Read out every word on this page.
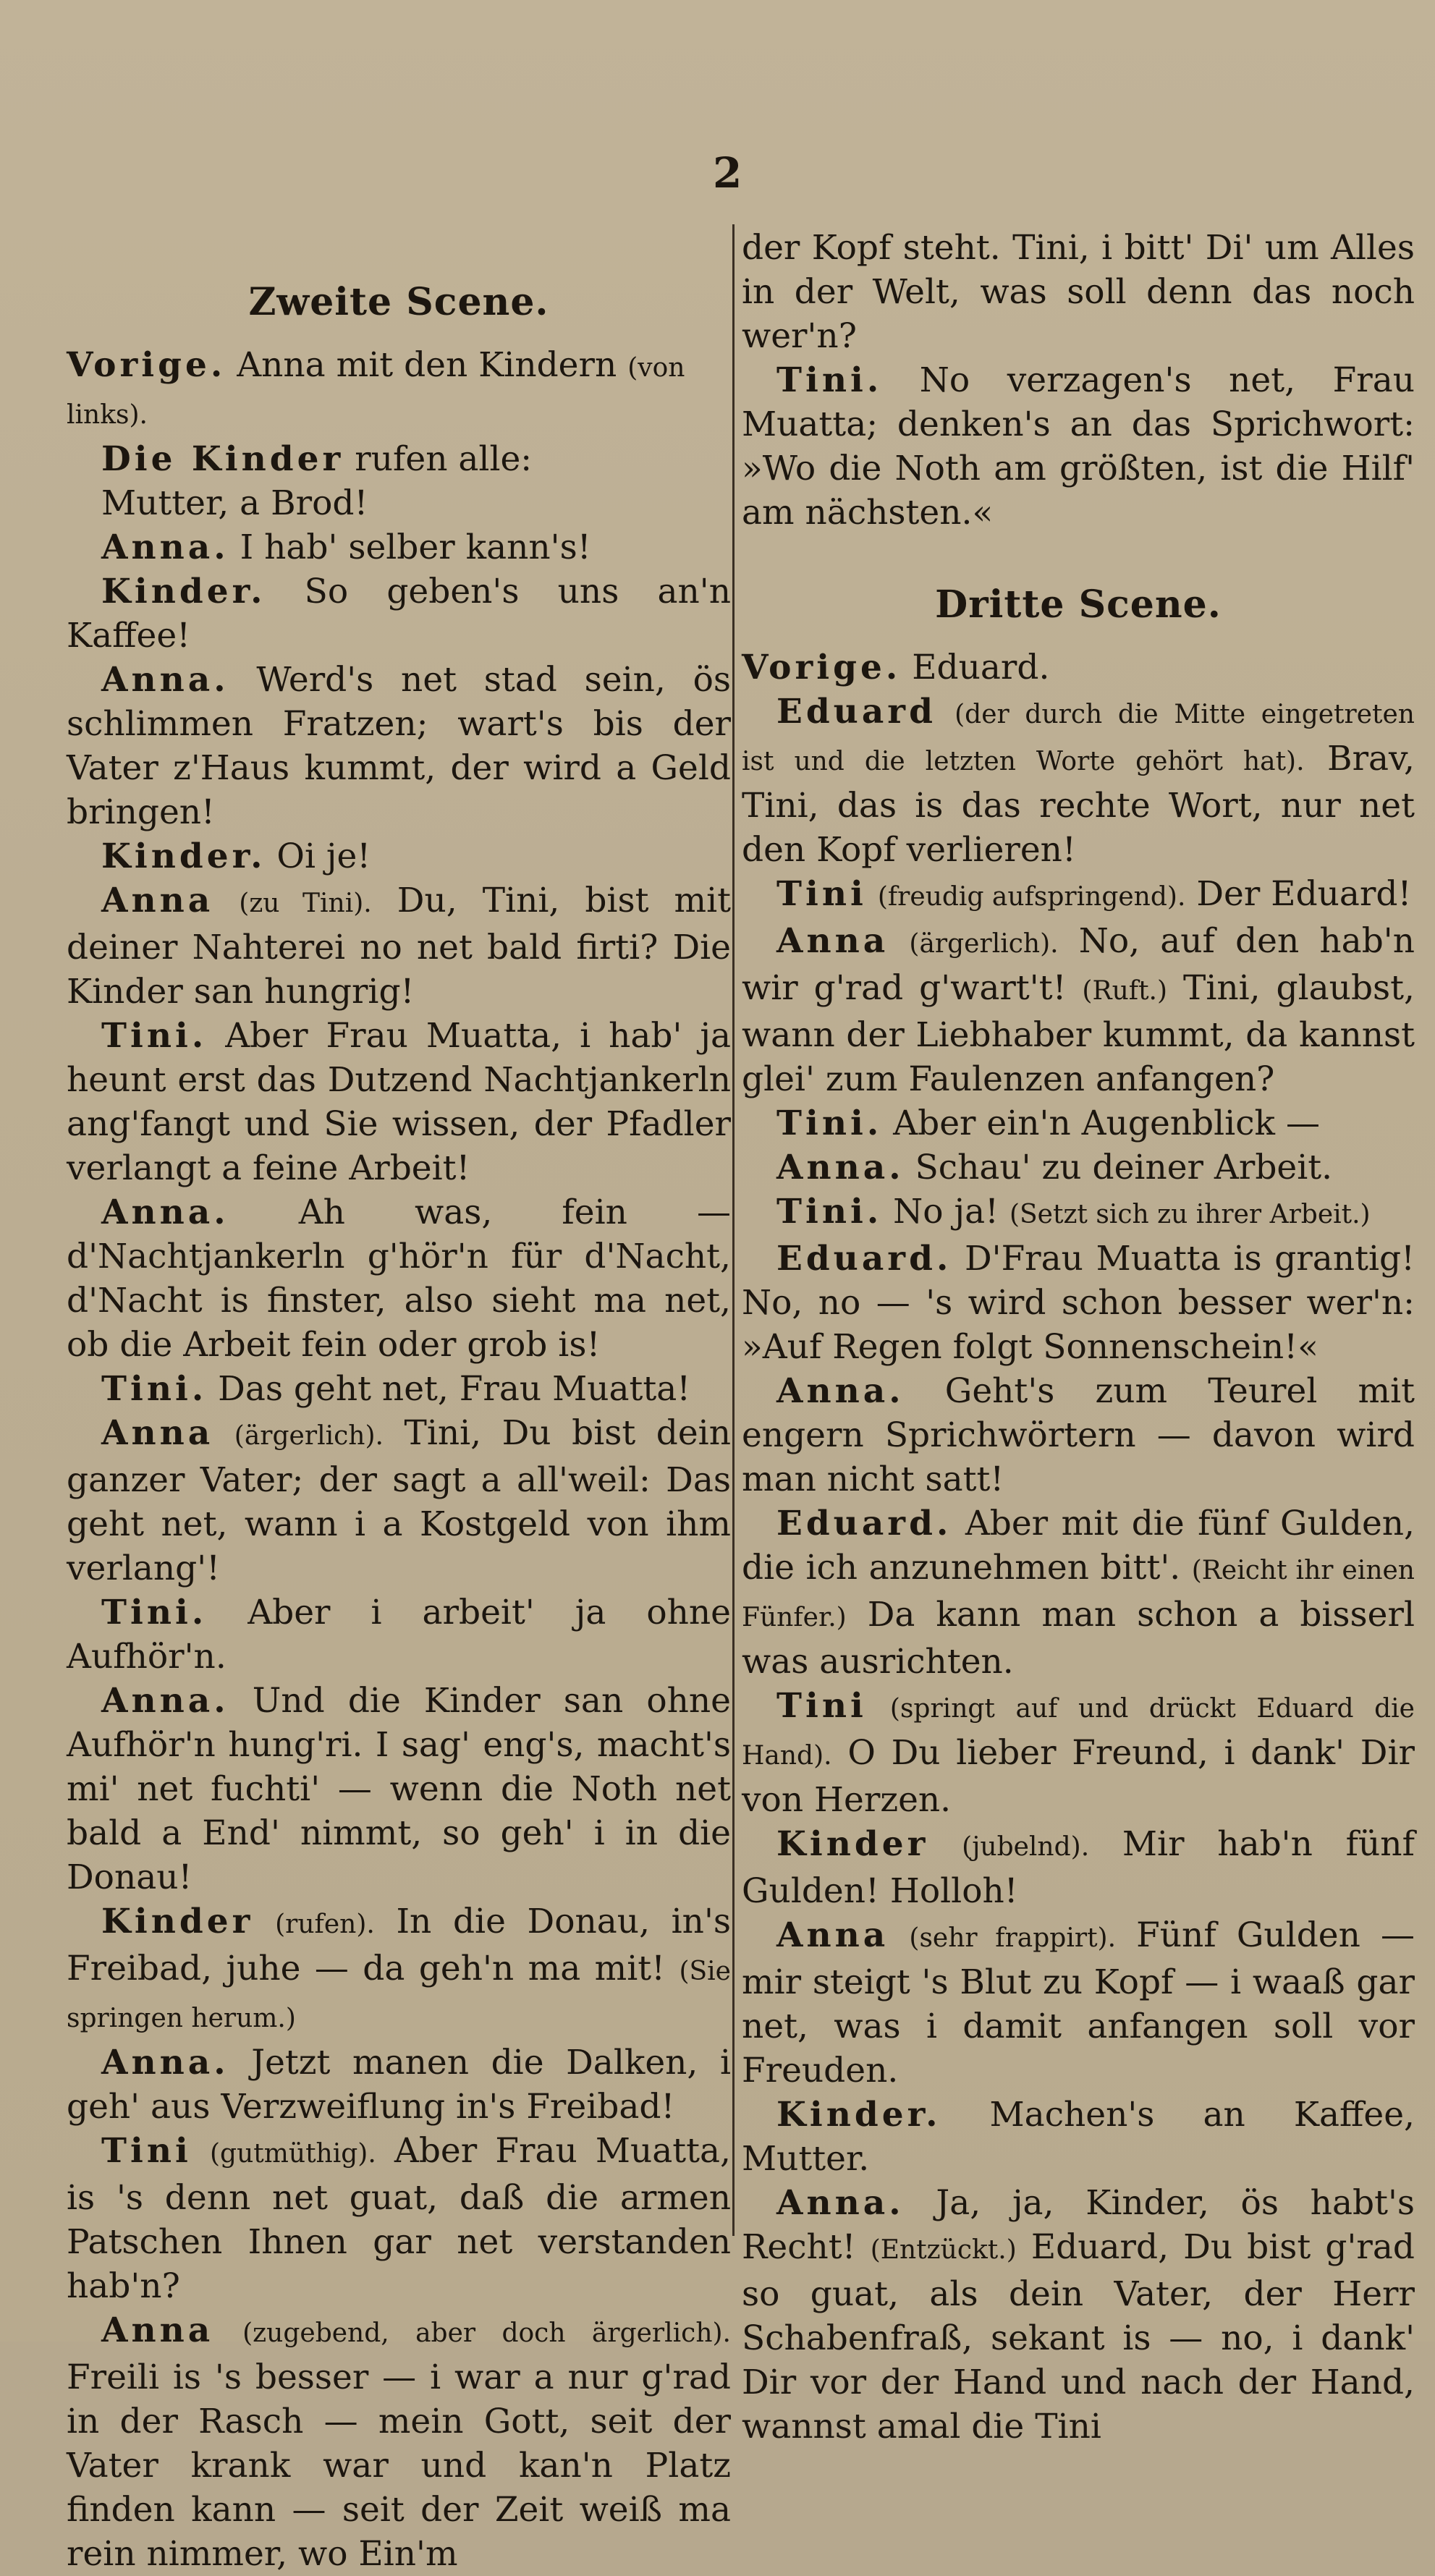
2
Zweite Scene.

Vorige. Anna mit den Kindern (von links).

Die Kinder rufen alle:

Mutter, a Brod!

Anna. I hab' selber kann's!

Kinder. So geben's uns an'n Kaffee!

Anna. Werd's net stad sein, ös schlimmen Fratzen; wart's bis der Vater z'Haus kummt, der wird a Geld bringen!

Kinder. Oi je!

Anna (zu Tini). Du, Tini, bist mit deiner Nahterei no net bald firti? Die Kinder san hungrig!

Tini. Aber Frau Muatta, i hab' ja heunt erst das Dutzend Nachtjankerln ang'fangt und Sie wissen, der Pfadler verlangt a feine Arbeit!

Anna. Ah was, fein — d'Nachtjankerln g'hör'n für d'Nacht, d'Nacht is finster, also sieht ma net, ob die Arbeit fein oder grob is!

Tini. Das geht net, Frau Muatta!

Anna (ärgerlich). Tini, Du bist dein ganzer Vater; der sagt a all'weil: Das geht net, wann i a Kostgeld von ihm verlang'!

Tini. Aber i arbeit' ja ohne Aufhör'n.

Anna. Und die Kinder san ohne Aufhör'n hung'ri. I sag' eng's, macht's mi' net fuchti' — wenn die Noth net bald a End' nimmt, so geh' i in die Donau!

Kinder (rufen). In die Donau, in's Freibad, juhe — da geh'n ma mit! (Sie springen herum.)

Anna. Jetzt manen die Dalken, i geh' aus Verzweiflung in's Freibad!

Tini (gutmüthig). Aber Frau Muatta, is 's denn net guat, daß die armen Patschen Ihnen gar net verstanden hab'n?

Anna (zugebend, aber doch ärgerlich). Freili is 's besser — i war a nur g'rad in der Rasch — mein Gott, seit der Vater krank war und kan'n Platz finden kann — seit der Zeit weiß ma rein nimmer, wo Ein'm

der Kopf steht. Tini, i bitt' Di' um Alles in der Welt, was soll denn das noch wer'n?

Tini. No verzagen's net, Frau Muatta; denken's an das Sprichwort: »Wo die Noth am größten, ist die Hilf' am nächsten.«

Dritte Scene.

Vorige. Eduard.

Eduard (der durch die Mitte eingetreten ist und die letzten Worte gehört hat). Brav, Tini, das is das rechte Wort, nur net den Kopf verlieren!

Tini (freudig aufspringend). Der Eduard!

Anna (ärgerlich). No, auf den hab'n wir g'rad g'wart't! (Ruft.) Tini, glaubst, wann der Liebhaber kummt, da kannst glei' zum Faulenzen anfangen?

Tini. Aber ein'n Augenblick —

Anna. Schau' zu deiner Arbeit.

Tini. No ja! (Setzt sich zu ihrer Arbeit.)

Eduard. D'Frau Muatta is grantig! No, no — 's wird schon besser wer'n: »Auf Regen folgt Sonnenschein!«

Anna. Geht's zum Teurel mit engern Sprichwörtern — davon wird man nicht satt!

Eduard. Aber mit die fünf Gulden, die ich anzunehmen bitt'. (Reicht ihr einen Fünfer.) Da kann man schon a bisserl was ausrichten.

Tini (springt auf und drückt Eduard die Hand). O Du lieber Freund, i dank' Dir von Herzen.

Kinder (jubelnd). Mir hab'n fünf Gulden! Holloh!

Anna (sehr frappirt). Fünf Gulden — mir steigt 's Blut zu Kopf — i waaß gar net, was i damit anfangen soll vor Freuden.

Kinder. Machen's an Kaffee, Mutter.

Anna. Ja, ja, Kinder, ös habt's Recht! (Entzückt.) Eduard, Du bist g'rad so guat, als dein Vater, der Herr Schabenfraß, sekant is — no, i dank' Dir vor der Hand und nach der Hand, wannst amal die Tini
